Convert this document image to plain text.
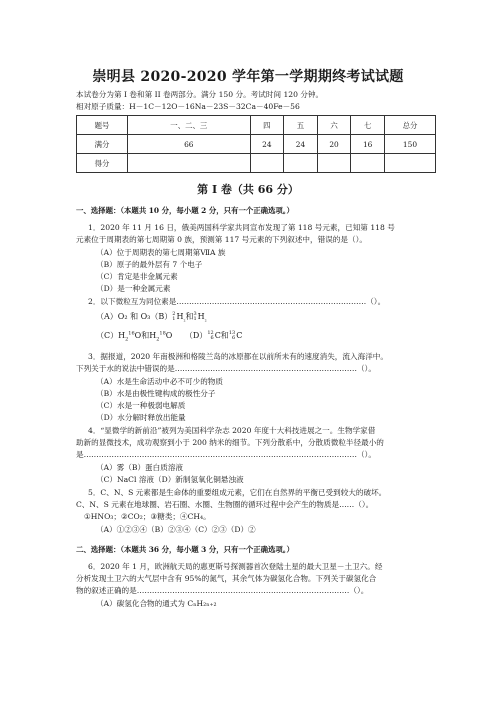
崇明县 2020-2020 学年第一学期期终考试试题
本试卷分为第 I 卷和第 II 卷两部分。满分 150 分。考试时间 120 分钟。
相对原子质量：H－1C－12O－16Na－23S－32Ca－40Fe－56
题号	一、二、三	四	五	六	七	总分
满分	66	24	24	20	16	150
得分						
第 I 卷（共 66 分）
一、选择题：（本题共 10 分，每小题 2 分，只有一个正确选项。）
1．2020 年 11 月 16 日，俄美两国科学家共同宣布发现了第 118 号元素，已知第 118 号
元素位于周期表的第七周期第 0 族，预测第 117 号元素的下列叙述中，错误的是（）。
（A）位于周期表的第七周期第ⅦA 族
（B）原子的最外层有 7 个电子
（C）肯定是非金属元素
（D）是一种金属元素
2．以下微粒互为同位素是…………………………………………………………………（）。
（A）O₂ 和 O₃（B）2
$1H_{_2}$和3
$1H_{_2}$
$(C)H_2^{16}O$和$H_2^{18}O$ （D）12
6C和13
6C
3．据报道，2020 年南极洲和格陵兰岛的冰原都在以前所未有的速度消失，流入海洋中。
下列关于水的说法中错误的是………………………………………………………………（）。
（A）水是生命活动中必不可少的物质
（B）水是由极性键构成的极性分子
（C）水是一种极弱电解质
（D）水分解时释放出能量
4．“显微学的新前沿”被列为美国科学杂志 2020 年度十大科技进展之一。生物学家借
助新的显微技术，成功观察到小于 200 纳米的细节。下列分散系中，分散质微粒半径最小的
是………………………………………………………………………………………………（）。
（A）雾（B）蛋白质溶液
（C）NaCl 溶液（D）新制氢氧化铜悬浊液
5．C、N、S 元素都是生命体的重要组成元素，它们在自然界的平衡已受到较大的破坏。
C、N、S 元素在地球圈、岩石圈、水圈、生物圈的循环过程中会产生的物质是……（）。
①HNO₃；②CO₂；③糖类；④CH₄。
（A）①②③④（B）②③④（C）②③（D）②
二、选择题：（本题共 36 分，每小题 3 分，只有一个正确选项。）
6．2020 年 1 月，欧洲航天局的惠更斯号探测器首次登陆土星的最大卫星－土卫六。经
分析发现土卫六的大气层中含有 95%的氮气，其余气体为碳氢化合物。下列关于碳氢化合
物的叙述正确的是…………………………………………………………………………（）。
（A）碳氢化合物的通式为 CₙH₂ₙ₊₂
